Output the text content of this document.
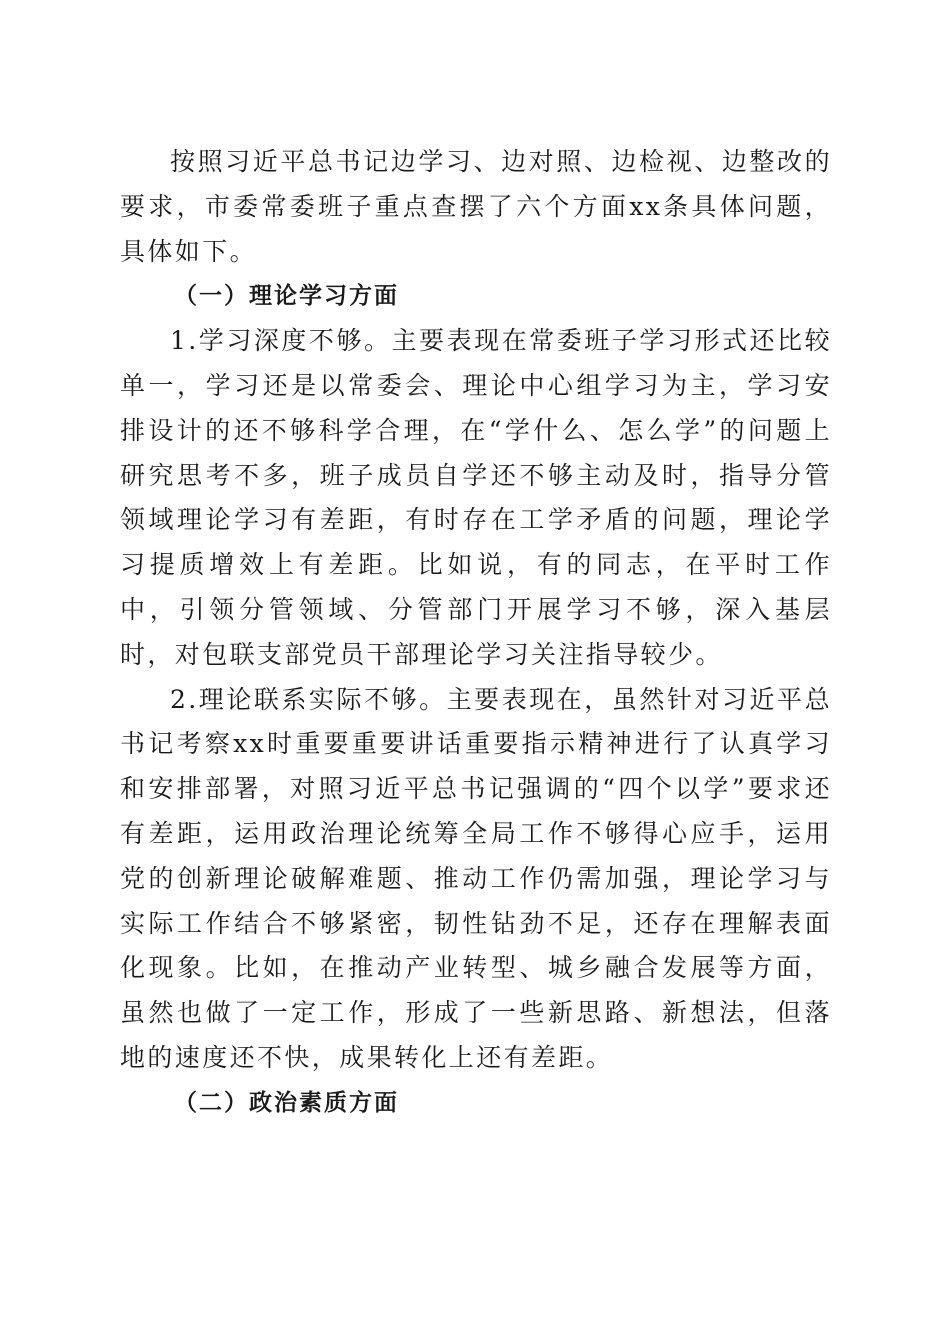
按照习近平总书记边学习、边对照、边检视、边整改的要求，市委常委班子重点查摆了六个方面xx条具体问题，具体如下。

（一）理论学习方面

1.学习深度不够。主要表现在常委班子学习形式还比较单一，学习还是以常委会、理论中心组学习为主，学习安排设计的还不够科学合理，在“学什么、怎么学”的问题上研究思考不多，班子成员自学还不够主动及时，指导分管领域理论学习有差距，有时存在工学矛盾的问题，理论学习提质增效上有差距。比如说，有的同志，在平时工作中，引领分管领域、分管部门开展学习不够，深入基层时，对包联支部党员干部理论学习关注指导较少。

2.理论联系实际不够。主要表现在，虽然针对习近平总书记考察xx时重要重要讲话重要指示精神进行了认真学习和安排部署，对照习近平总书记强调的“四个以学”要求还有差距，运用政治理论统筹全局工作不够得心应手，运用党的创新理论破解难题、推动工作仍需加强，理论学习与实际工作结合不够紧密，韧性钻劲不足，还存在理解表面化现象。比如，在推动产业转型、城乡融合发展等方面，虽然也做了一定工作，形成了一些新思路、新想法，但落地的速度还不快，成果转化上还有差距。

（二）政治素质方面
